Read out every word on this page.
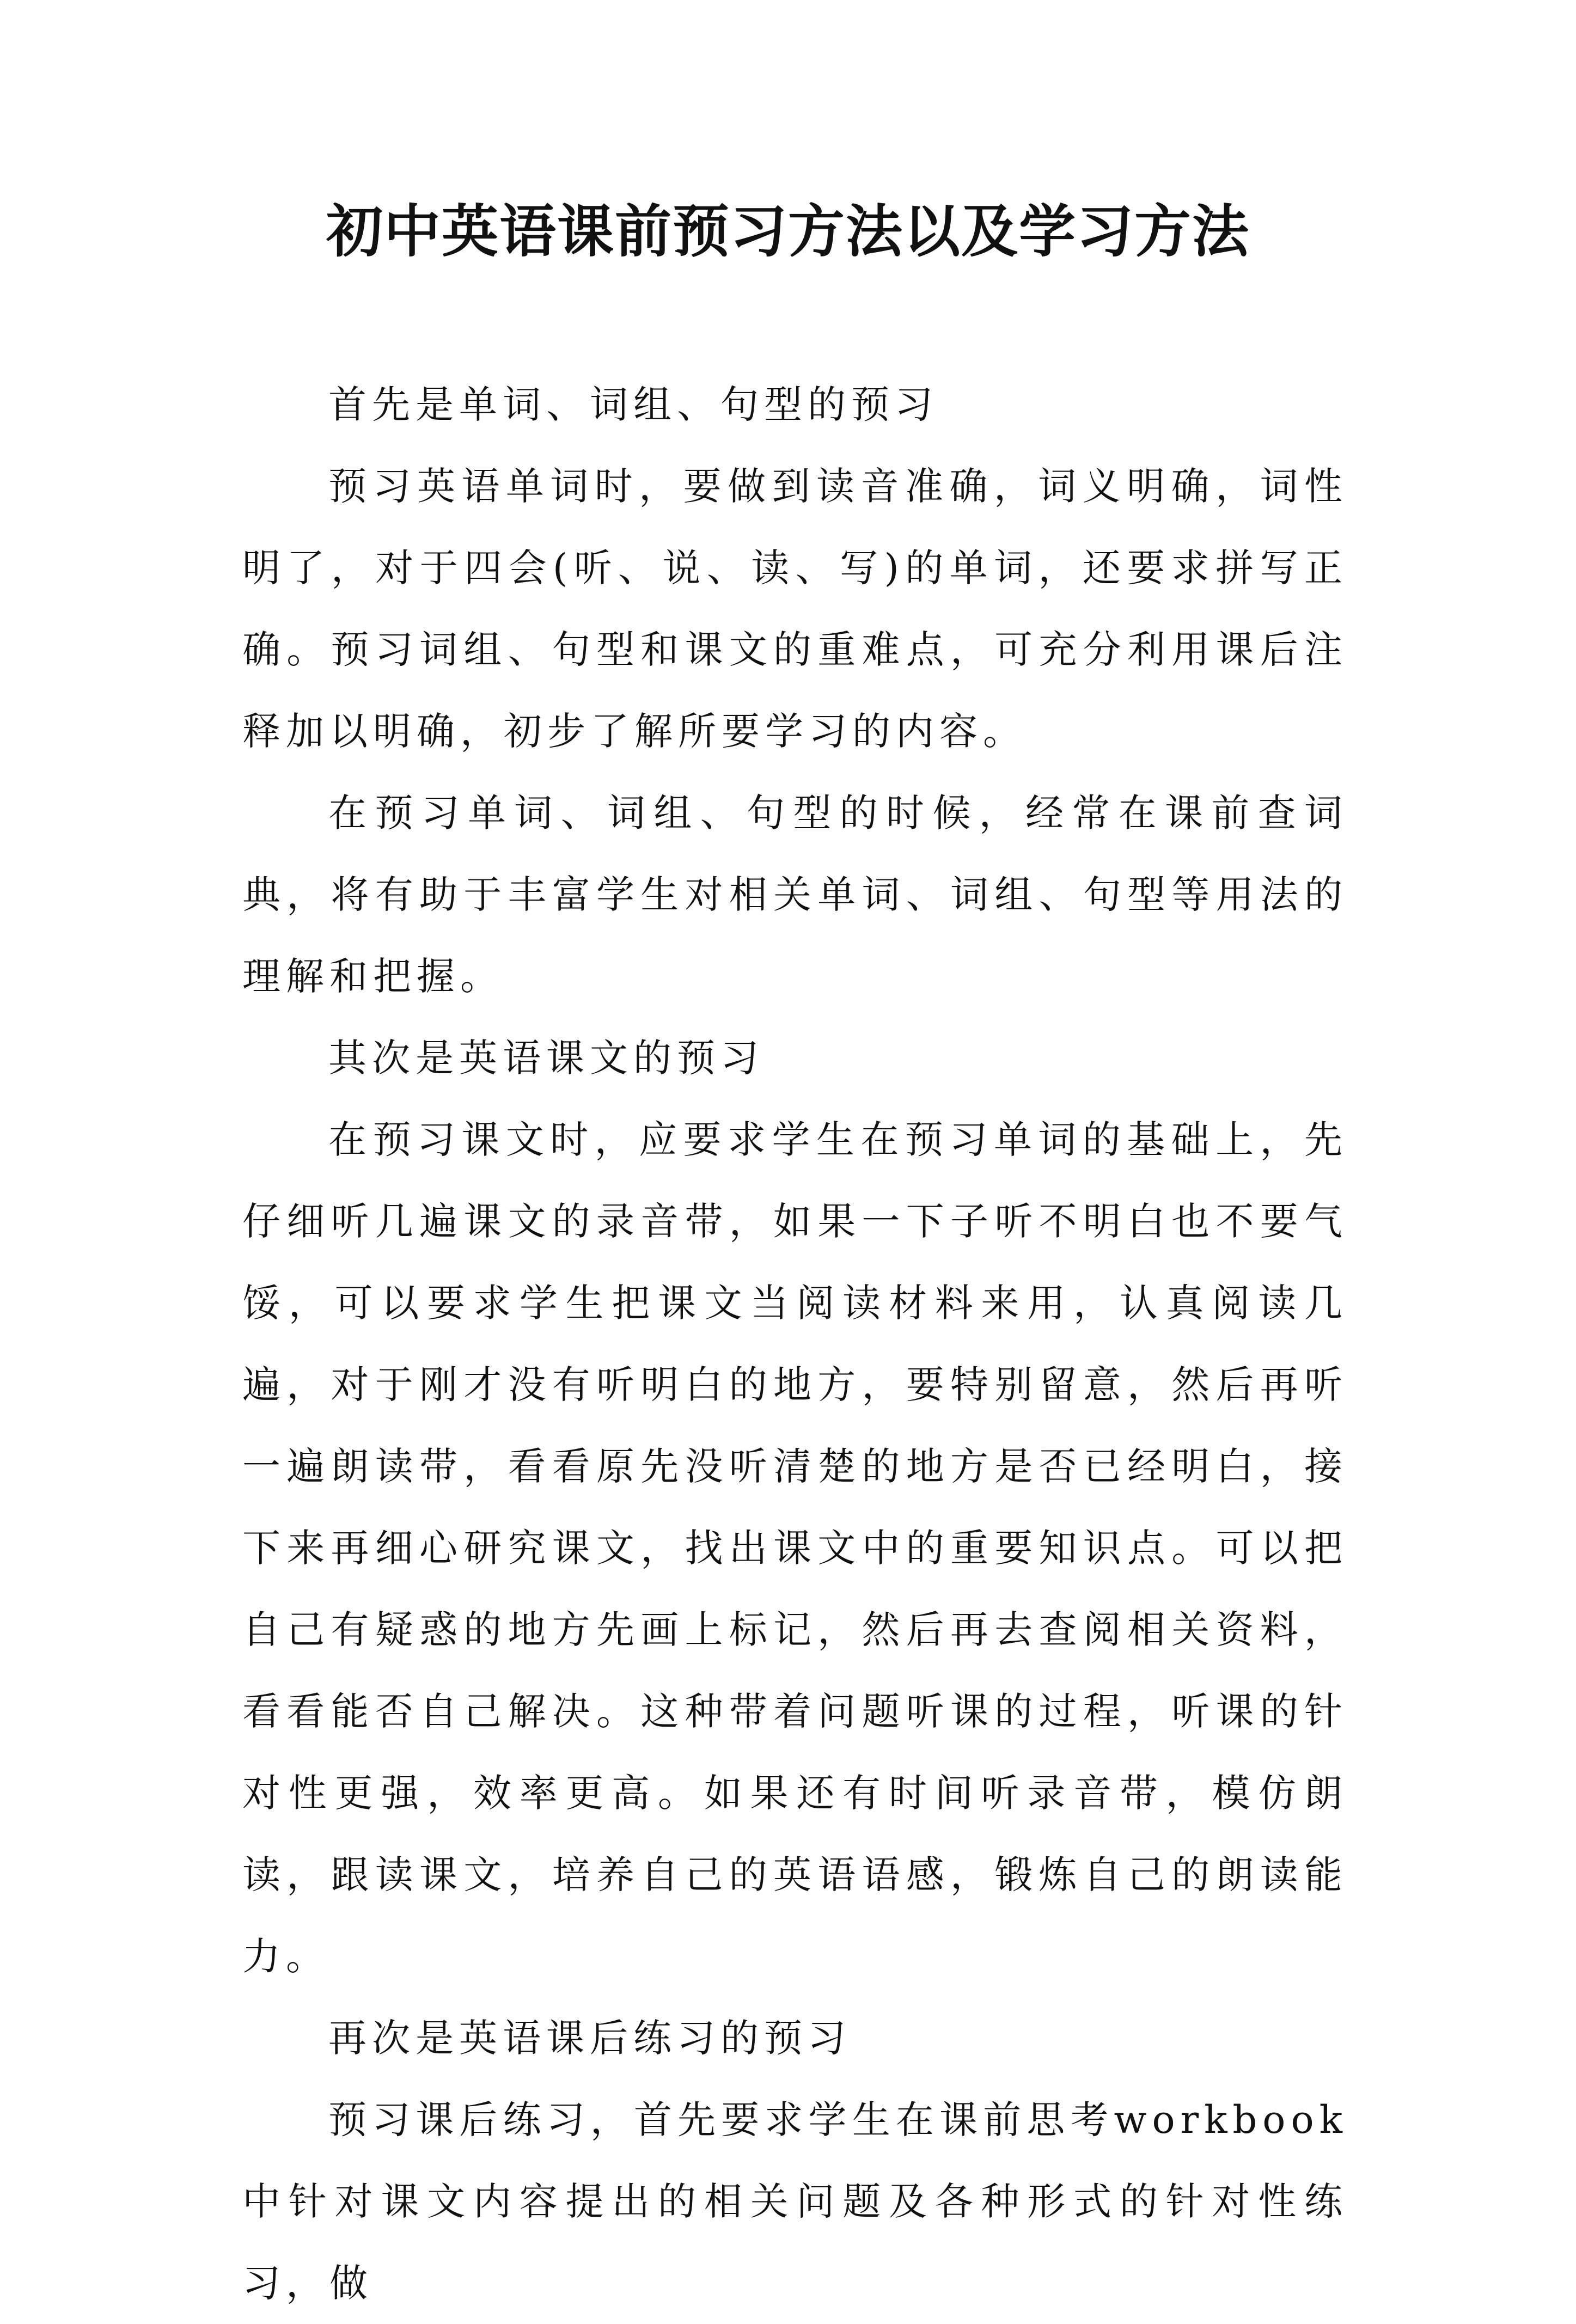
初中英语课前预习方法以及学习方法

首先是单词、词组、句型的预习

预习英语单词时，要做到读音准确，词义明确，词性明了，对于四会(听、说、读、写)的单词，还要求拼写正确。预习词组、句型和课文的重难点，可充分利用课后注释加以明确，初步了解所要学习的内容。

在预习单词、词组、句型的时候，经常在课前查词典，将有助于丰富学生对相关单词、词组、句型等用法的理解和把握。

其次是英语课文的预习

在预习课文时，应要求学生在预习单词的基础上，先仔细听几遍课文的录音带，如果一下子听不明白也不要气馁，可以要求学生把课文当阅读材料来用，认真阅读几遍，对于刚才没有听明白的地方，要特别留意，然后再听一遍朗读带，看看原先没听清楚的地方是否已经明白，接下来再细心研究课文，找出课文中的重要知识点。可以把自己有疑惑的地方先画上标记，然后再去查阅相关资料，看看能否自己解决。这种带着问题听课的过程，听课的针对性更强，效率更高。如果还有时间听录音带，模仿朗读，跟读课文，培养自己的英语语感，锻炼自己的朗读能力。

再次是英语课后练习的预习

预习课后练习，首先要求学生在课前思考workbook中针对课文内容提出的相关问题及各种形式的针对性练习，做
